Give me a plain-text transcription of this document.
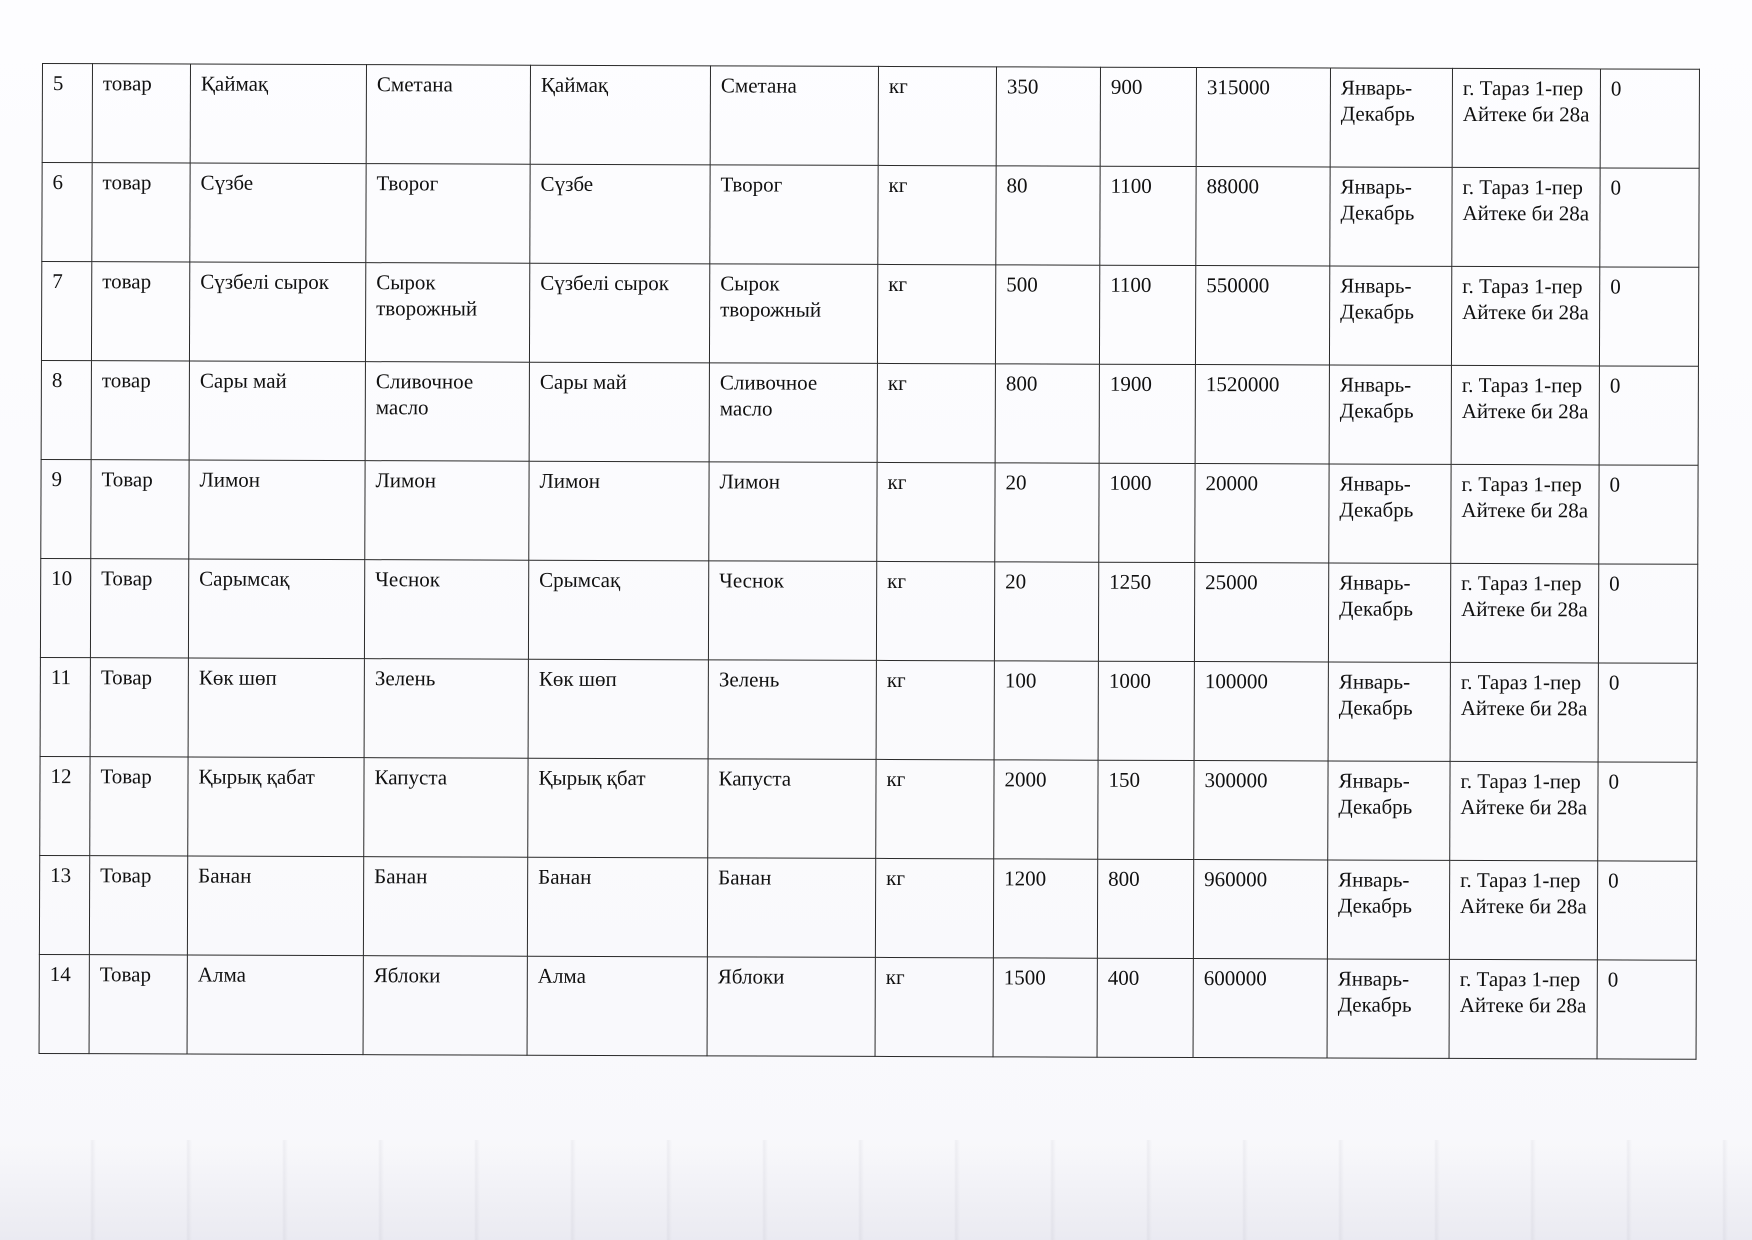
5	товар	Қаймақ	Сметана	Қаймақ	Сметана	кг	350	900	315000	Январь-Декабрь	г. Тараз 1-пер Айтеке би 28а	0
6	товар	Сүзбе	Творог	Сүзбе	Творог	кг	80	1100	88000	Январь-Декабрь	г. Тараз 1-пер Айтеке би 28а	0
7	товар	Сүзбелі сырок	Сырок творожный	Сүзбелі сырок	Сырок творожный	кг	500	1100	550000	Январь-Декабрь	г. Тараз 1-пер Айтеке би 28а	0
8	товар	Сары май	Сливочное масло	Сары май	Сливочное масло	кг	800	1900	1520000	Январь-Декабрь	г. Тараз 1-пер Айтеке би 28а	0
9	Товар	Лимон	Лимон	Лимон	Лимон	кг	20	1000	20000	Январь-Декабрь	г. Тараз 1-пер Айтеке би 28а	0
10	Товар	Сарымсақ	Чеснок	Срымсақ	Чеснок	кг	20	1250	25000	Январь-Декабрь	г. Тараз 1-пер Айтеке би 28а	0
11	Товар	Көк шөп	Зелень	Көк шөп	Зелень	кг	100	1000	100000	Январь-Декабрь	г. Тараз 1-пер Айтеке би 28а	0
12	Товар	Қырық қабат	Капуста	Қырық қбат	Капуста	кг	2000	150	300000	Январь-Декабрь	г. Тараз 1-пер Айтеке би 28а	0
13	Товар	Банан	Банан	Банан	Банан	кг	1200	800	960000	Январь-Декабрь	г. Тараз 1-пер Айтеке би 28а	0
14	Товар	Алма	Яблоки	Алма	Яблоки	кг	1500	400	600000	Январь-Декабрь	г. Тараз 1-пер Айтеке би 28а	0
